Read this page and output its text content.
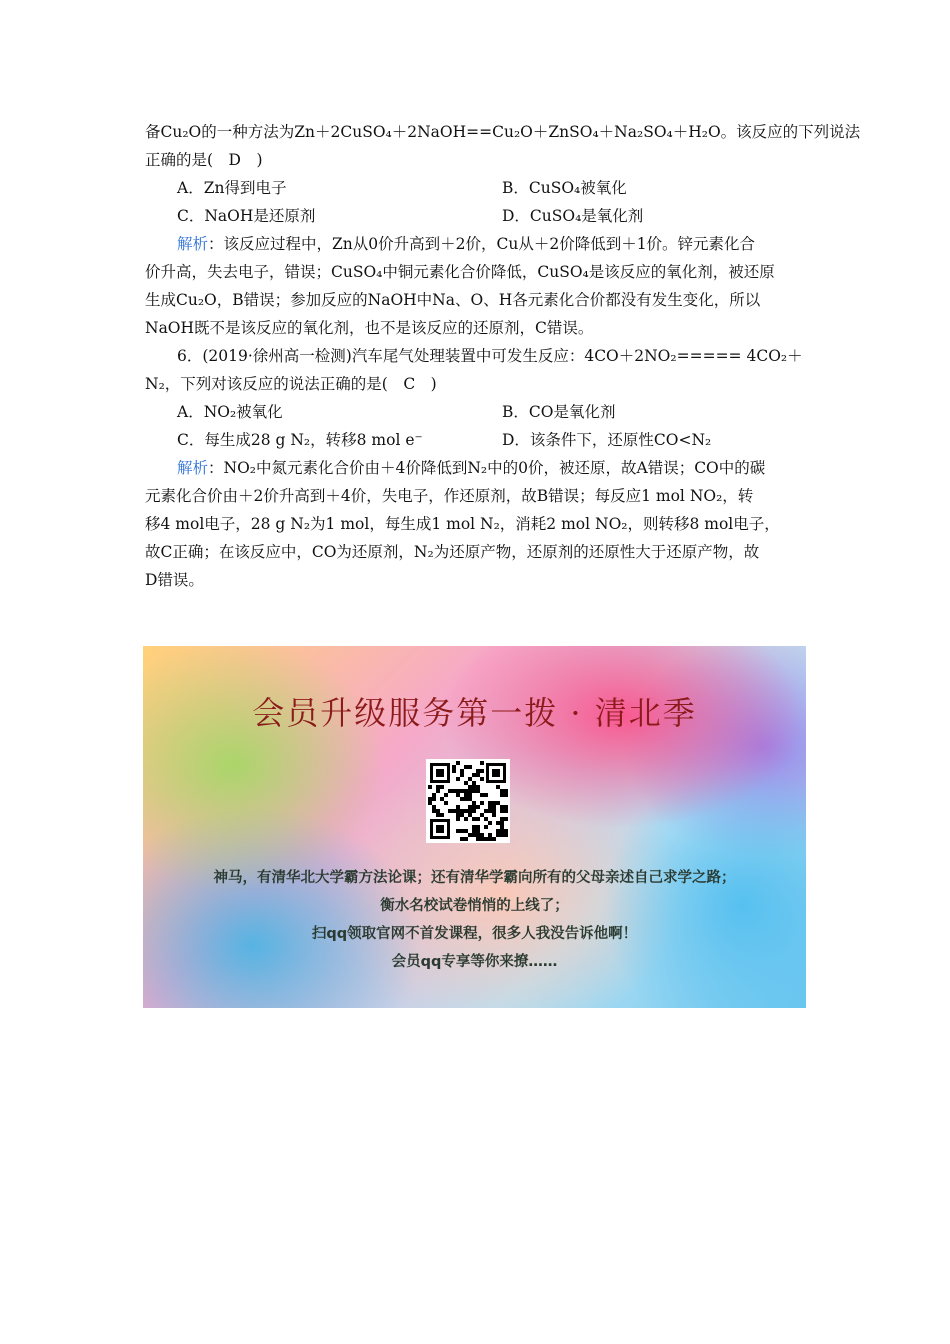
备Cu₂O的一种方法为Zn＋2CuSO₄＋2NaOH==Cu₂O＋ZnSO₄＋Na₂SO₄＋H₂O。该反应的下列说法
正确的是(　D　)
A．Zn得到电子	B．CuSO₄被氧化
C．NaOH是还原剂	D．CuSO₄是氧化剂
解析：该反应过程中，Zn从0价升高到＋2价，Cu从＋2价降低到＋1价。锌元素化合
价升高，失去电子，错误；CuSO₄中铜元素化合价降低，CuSO₄是该反应的氧化剂，被还原
生成Cu₂O，B错误；参加反应的NaOH中Na、O、H各元素化合价都没有发生变化，所以
NaOH既不是该反应的氧化剂，也不是该反应的还原剂，C错误。
6．(2019·徐州高一检测)汽车尾气处理装置中可发生反应：4CO＋2NO₂===== 4CO₂＋
N₂，下列对该反应的说法正确的是(　C　)
A．NO₂被氧化	B．CO是氧化剂
C．每生成28 g N₂，转移8 mol e⁻	D．该条件下，还原性CO<N₂
解析：NO₂中氮元素化合价由＋4价降低到N₂中的0价，被还原，故A错误；CO中的碳
元素化合价由＋2价升高到＋4价，失电子，作还原剂，故B错误；每反应1 mol NO₂，转
移4 mol电子，28 g N₂为1 mol，每生成1 mol N₂，消耗2 mol NO₂，则转移8 mol电子，
故C正确；在该反应中，CO为还原剂，N₂为还原产物，还原剂的还原性大于还原产物，故
D错误。
会员升级服务第一拨 · 清北季
神马，有清华北大学霸方法论课；还有清华学霸向所有的父母亲述自己求学之路；
衡水名校试卷悄悄的上线了；
扫qq领取官网不首发课程，很多人我没告诉他啊！
会员qq专享等你来撩……
